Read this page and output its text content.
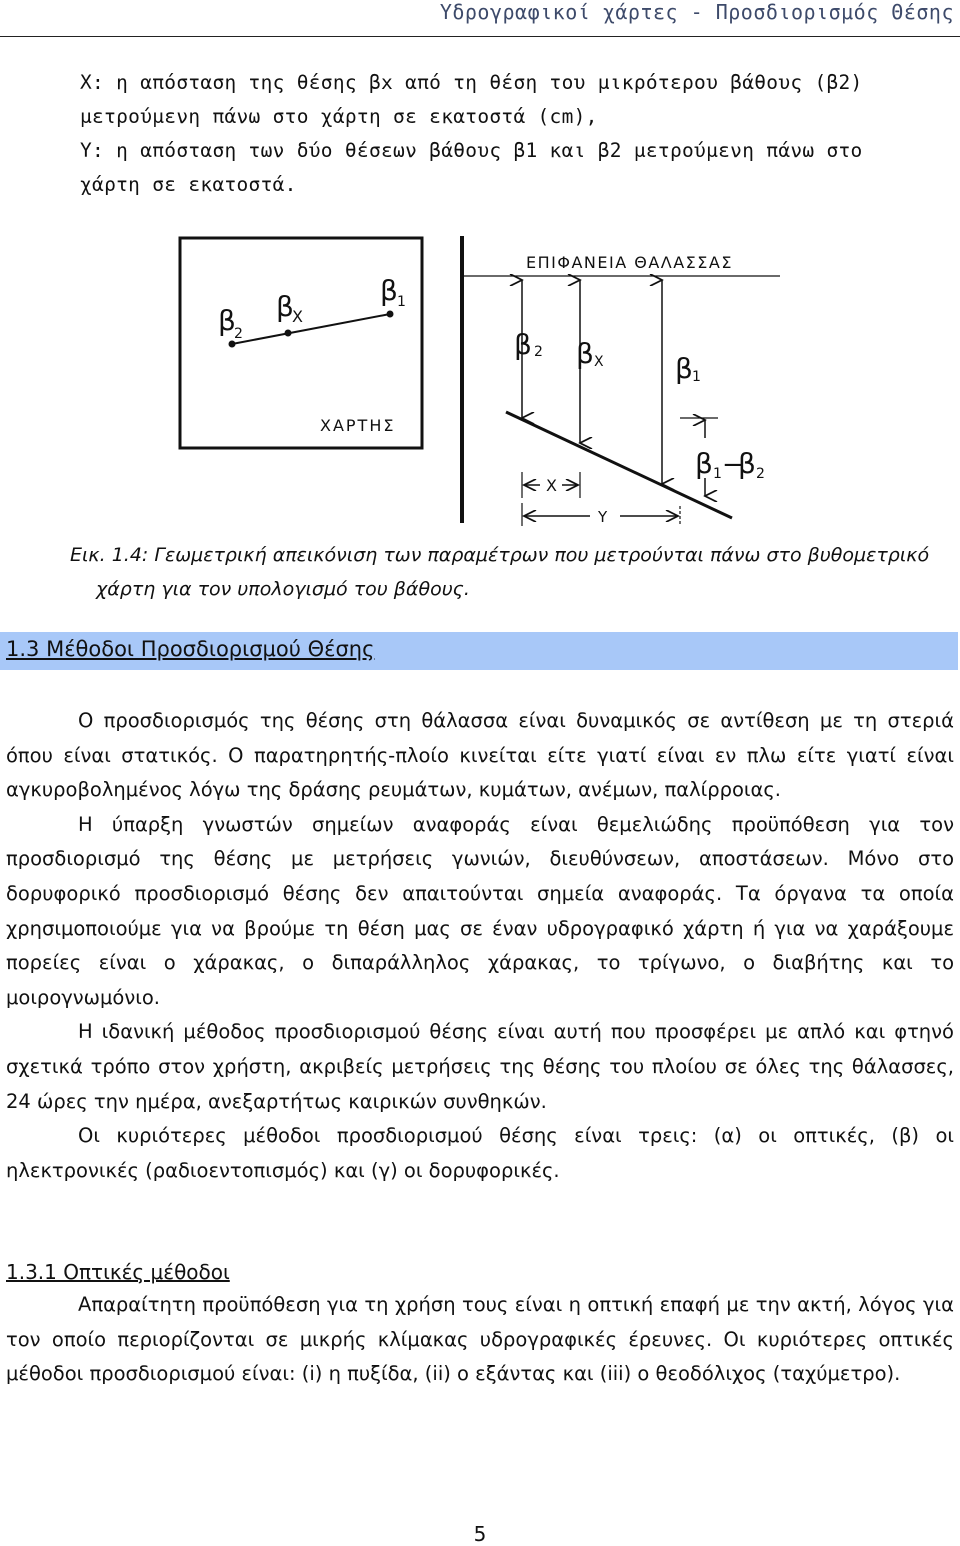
Υδρογραφικοί χάρτες - Προσδιορισμός Θέσης
Χ: η απόσταση της θέσης βx από τη θέση του μικρότερου βάθους (β2)
μετρούμενη πάνω στο χάρτη σε εκατοστά (cm),
Υ: η απόσταση των δύο θέσεων βάθους β1 και β2 μετρούμενη πάνω στο
χάρτη σε εκατοστά.
β
2
β
X
β 1
ΧΑΡΤΗΣ
ΕΠΙΦΑΝΕΙΑ ΘΑΛΑΣΣΑΣ
β 2 β X	β 1
β 1 −
β 2
Χ
Υ
Εικ. 1.4: Γεωμετρική απεικόνιση των παραμέτρων που μετρούνται πάνω στο βυθομετρικό
χάρτη για τον υπολογισμό του βάθους.
1.3 Μέθοδοι Προσδιορισμού Θέσης

Ο προσδιορισμός της θέσης στη θάλασσα είναι δυναμικός σε αντίθεση με τη στεριά όπου είναι στατικός. Ο παρατηρητής-πλοίο κινείται είτε γιατί είναι εν πλω είτε γιατί είναι αγκυροβολημένος λόγω της δράσης ρευμάτων, κυμάτων, ανέμων, παλίρροιας.

Η ύπαρξη γνωστών σημείων αναφοράς είναι θεμελιώδης προϋπόθεση για τον προσδιορισμό της θέσης με μετρήσεις γωνιών, διευθύνσεων, αποστάσεων. Μόνο στο δορυφορικό προσδιορισμό θέσης δεν απαιτούνται σημεία αναφοράς. Τα όργανα τα οποία χρησιμοποιούμε για να βρούμε τη θέση μας σε έναν υδρογραφικό χάρτη ή για να χαράξουμε πορείες είναι ο χάρακας, ο διπαράλληλος χάρακας, το τρίγωνο, ο διαβήτης και το μοιρογνωμόνιο.

Η ιδανική μέθοδος προσδιορισμού θέσης είναι αυτή που προσφέρει με απλό και φτηνό σχετικά τρόπο στον χρήστη, ακριβείς μετρήσεις της θέσης του πλοίου σε όλες της θάλασσες, 24 ώρες την ημέρα, ανεξαρτήτως καιρικών συνθηκών.

Οι κυριότερες μέθοδοι προσδιορισμού θέσης είναι τρεις: (α) οι οπτικές, (β) οι ηλεκτρονικές (ραδιοεντοπισμός) και (γ) οι δορυφορικές.

1.3.1 Οπτικές μέθοδοι

Απαραίτητη προϋπόθεση για τη χρήση τους είναι η οπτική επαφή με την ακτή, λόγος για τον οποίο περιορίζονται σε μικρής κλίμακας υδρογραφικές έρευνες. Οι κυριότερες οπτικές μέθοδοι προσδιορισμού είναι: (i) η πυξίδα, (ii) ο εξάντας και (iii) ο θεοδόλιχος (ταχύμετρο).

5
